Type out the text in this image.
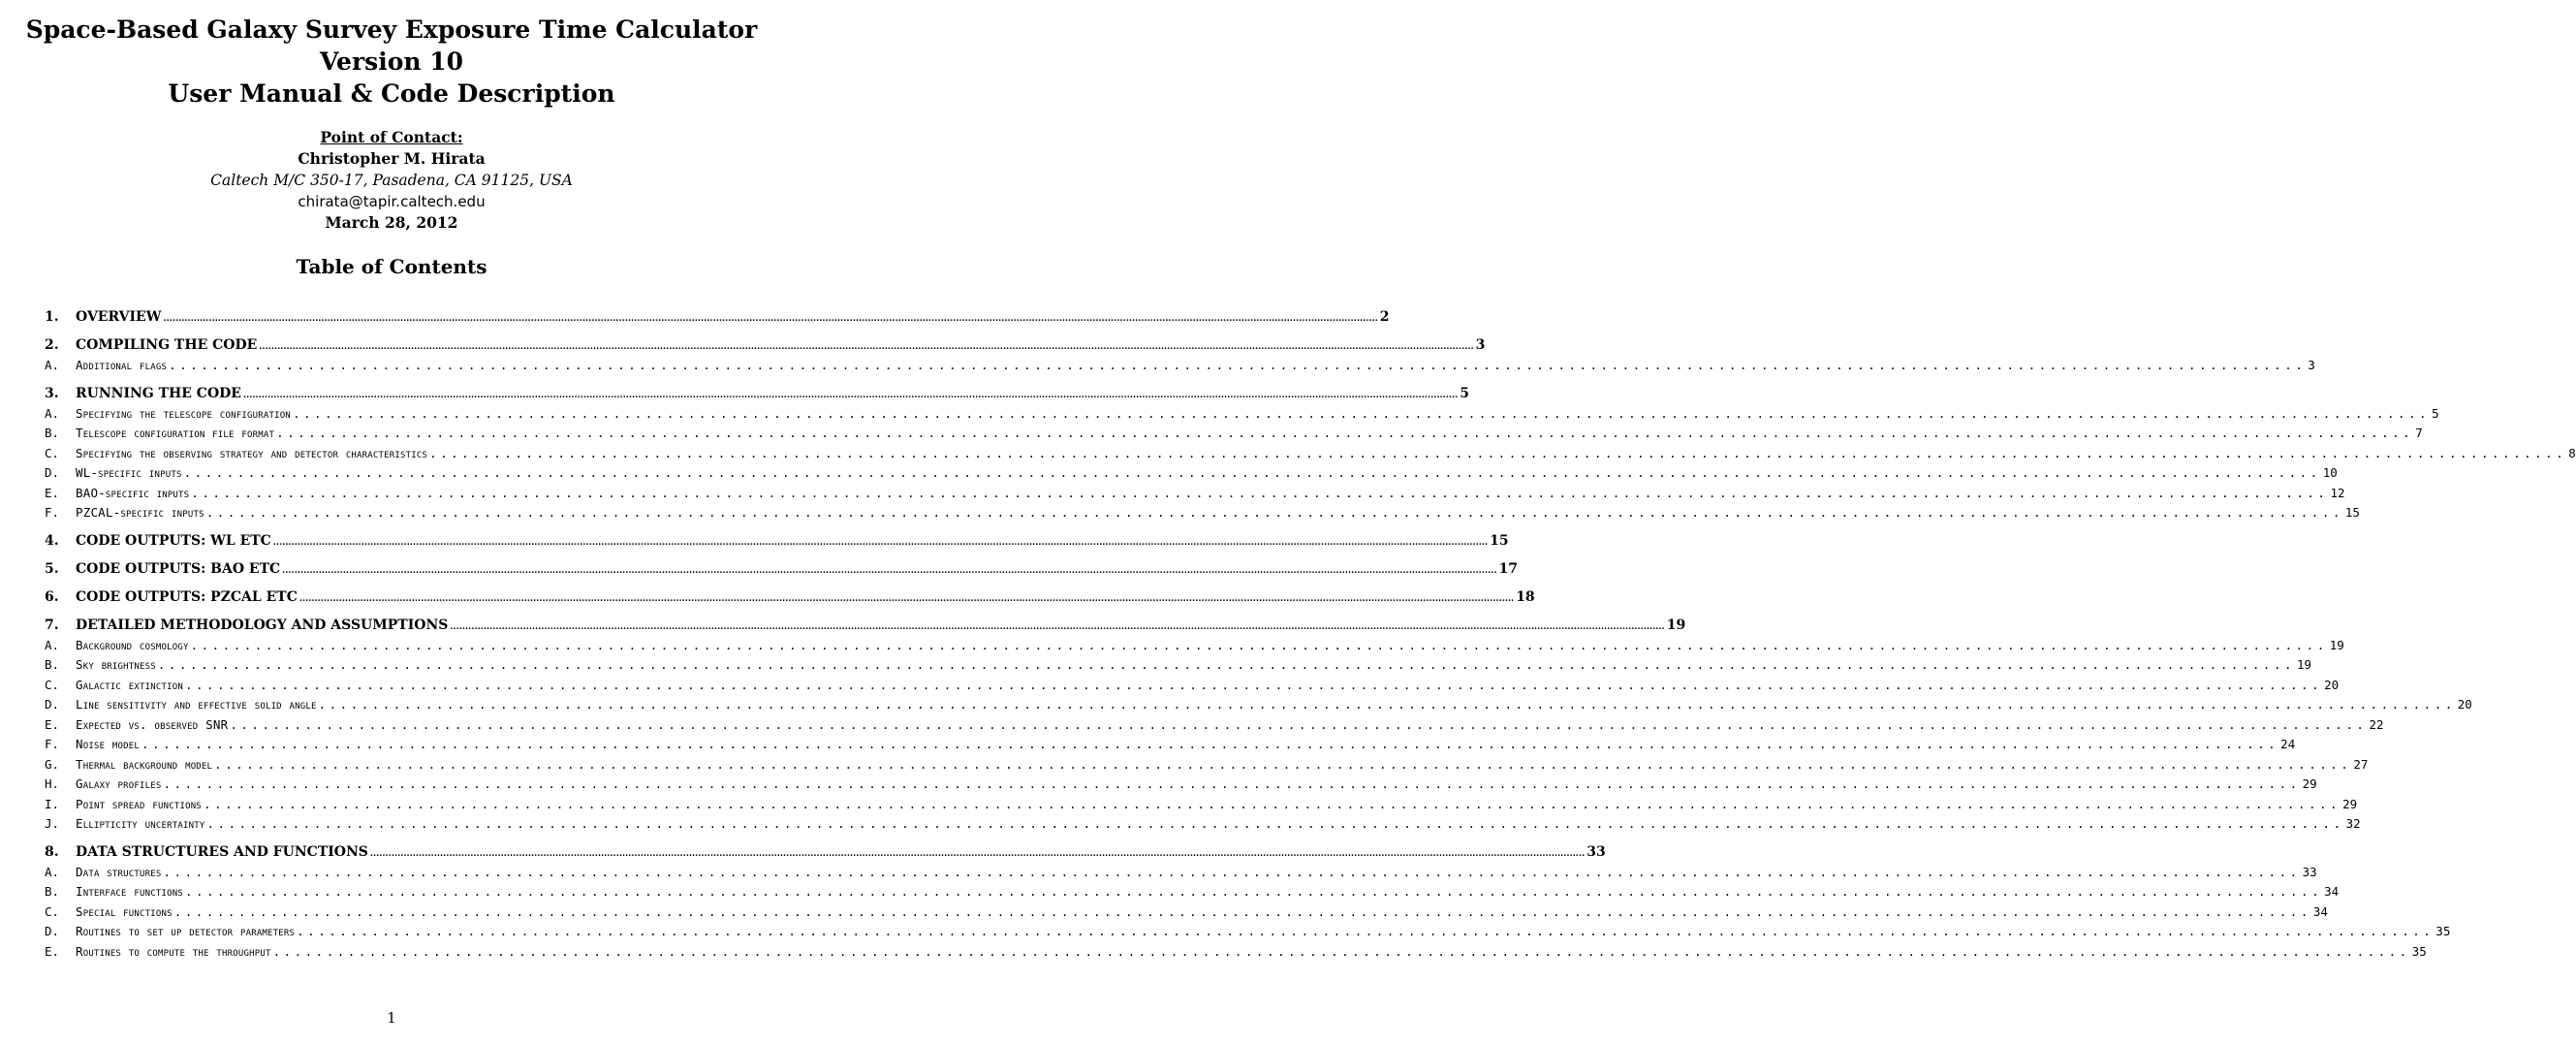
Space-Based Galaxy Survey Exposure Time Calculator
Version 10
User Manual & Code Description
Point of Contact:
Christopher M. Hirata
Caltech M/C 350-17, Pasadena, CA 91125, USA
chirata@tapir.caltech.edu
March 28, 2012
Table of Contents
1.	OVERVIEW ................................................................................................................................................................................................................................................................................................................................................................................................................ 2
2.	COMPILING THE CODE ................................................................................................................................................................................................................................................................................................................................................................................................................ 3
A. Additional flags ........................................................................................................................................................................................................ 3
3.	RUNNING THE CODE ................................................................................................................................................................................................................................................................................................................................................................................................................ 5
A. Specifying the telescope configuration ........................................................................................................................................................................................................ 5
B. Telescope configuration file format ........................................................................................................................................................................................................ 7
C. Specifying the observing strategy and detector characteristics ........................................................................................................................................................................................................ 8
D. WL-specific inputs ........................................................................................................................................................................................................ 10
E. BAO-specific inputs ........................................................................................................................................................................................................ 12
F. PZCAL-specific inputs ........................................................................................................................................................................................................ 15
4.	CODE OUTPUTS: WL ETC ................................................................................................................................................................................................................................................................................................................................................................................................................ 15
5.	CODE OUTPUTS: BAO ETC ................................................................................................................................................................................................................................................................................................................................................................................................................ 17
6.	CODE OUTPUTS: PZCAL ETC ................................................................................................................................................................................................................................................................................................................................................................................................................ 18
7.	DETAILED METHODOLOGY AND ASSUMPTIONS ................................................................................................................................................................................................................................................................................................................................................................................................................ 19
A. Background cosmology ........................................................................................................................................................................................................ 19
B. Sky brightness ........................................................................................................................................................................................................ 19
C. Galactic extinction ........................................................................................................................................................................................................ 20
D. Line sensitivity and effective solid angle ........................................................................................................................................................................................................ 20
E. Expected vs. observed SNR ........................................................................................................................................................................................................ 22
F. Noise model ........................................................................................................................................................................................................ 24
G. Thermal background model ........................................................................................................................................................................................................ 27
H. Galaxy profiles ........................................................................................................................................................................................................ 29
I. Point spread functions ........................................................................................................................................................................................................ 29
J. Ellipticity uncertainty ........................................................................................................................................................................................................ 32
8.	DATA STRUCTURES AND FUNCTIONS ................................................................................................................................................................................................................................................................................................................................................................................................................ 33
A. Data structures ........................................................................................................................................................................................................ 33
B. Interface functions ........................................................................................................................................................................................................ 34
C. Special functions ........................................................................................................................................................................................................ 34
D. Routines to set up detector parameters ........................................................................................................................................................................................................ 35
E. Routines to compute the throughput ........................................................................................................................................................................................................ 35
1
